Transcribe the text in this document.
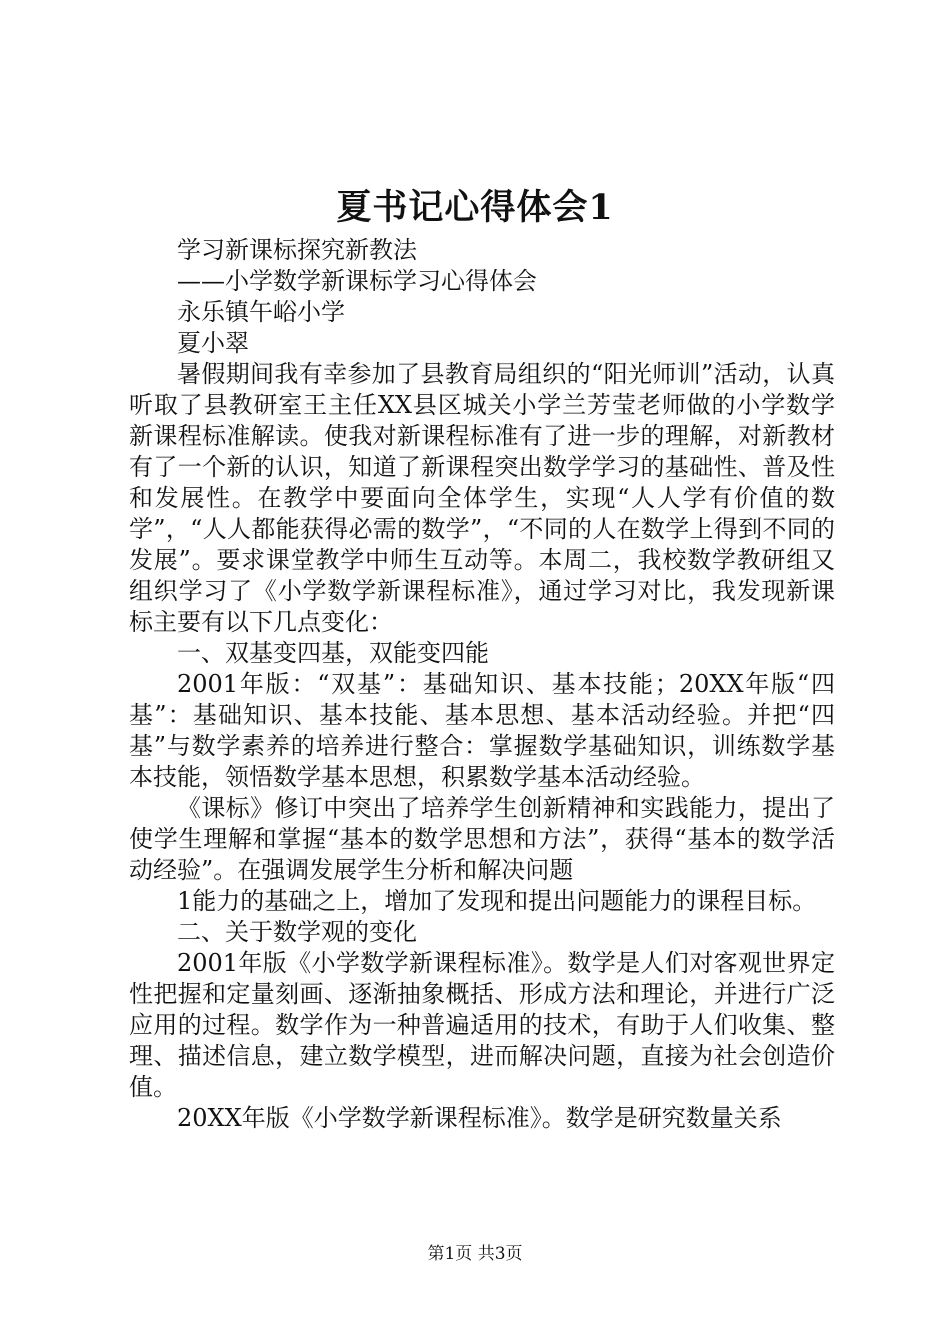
夏书记心得体会1

学习新课标探究新教法

——小学数学新课标学习心得体会

永乐镇午峪小学

夏小翠

暑假期间我有幸参加了县教育局组织的“阳光师训”活动，认真听取了县教研室王主任XX县区城关小学兰芳莹老师做的小学数学新课程标准解读。使我对新课程标准有了进一步的理解，对新教材有了一个新的认识，知道了新课程突出数学学习的基础性、普及性和发展性。在教学中要面向全体学生，实现“人人学有价值的数学”，“人人都能获得必需的数学”，“不同的人在数学上得到不同的发展”。要求课堂教学中师生互动等。本周二，我校数学教研组又组织学习了《小学数学新课程标准》，通过学习对比，我发现新课标主要有以下几点变化：

一、双基变四基，双能变四能

2001年版：“双基”：基础知识、基本技能；20XX年版“四基”：基础知识、基本技能、基本思想、基本活动经验。并把“四基”与数学素养的培养进行整合：掌握数学基础知识，训练数学基本技能，领悟数学基本思想，积累数学基本活动经验。

《课标》修订中突出了培养学生创新精神和实践能力，提出了使学生理解和掌握“基本的数学思想和方法”，获得“基本的数学活动经验”。在强调发展学生分析和解决问题

1能力的基础之上，增加了发现和提出问题能力的课程目标。

二、关于数学观的变化

2001年版《小学数学新课程标准》。数学是人们对客观世界定性把握和定量刻画、逐渐抽象概括、形成方法和理论，并进行广泛应用的过程。数学作为一种普遍适用的技术，有助于人们收集、整理、描述信息，建立数学模型，进而解决问题，直接为社会创造价值。

20XX年版《小学数学新课程标准》。数学是研究数量关系

第1页 共3页
